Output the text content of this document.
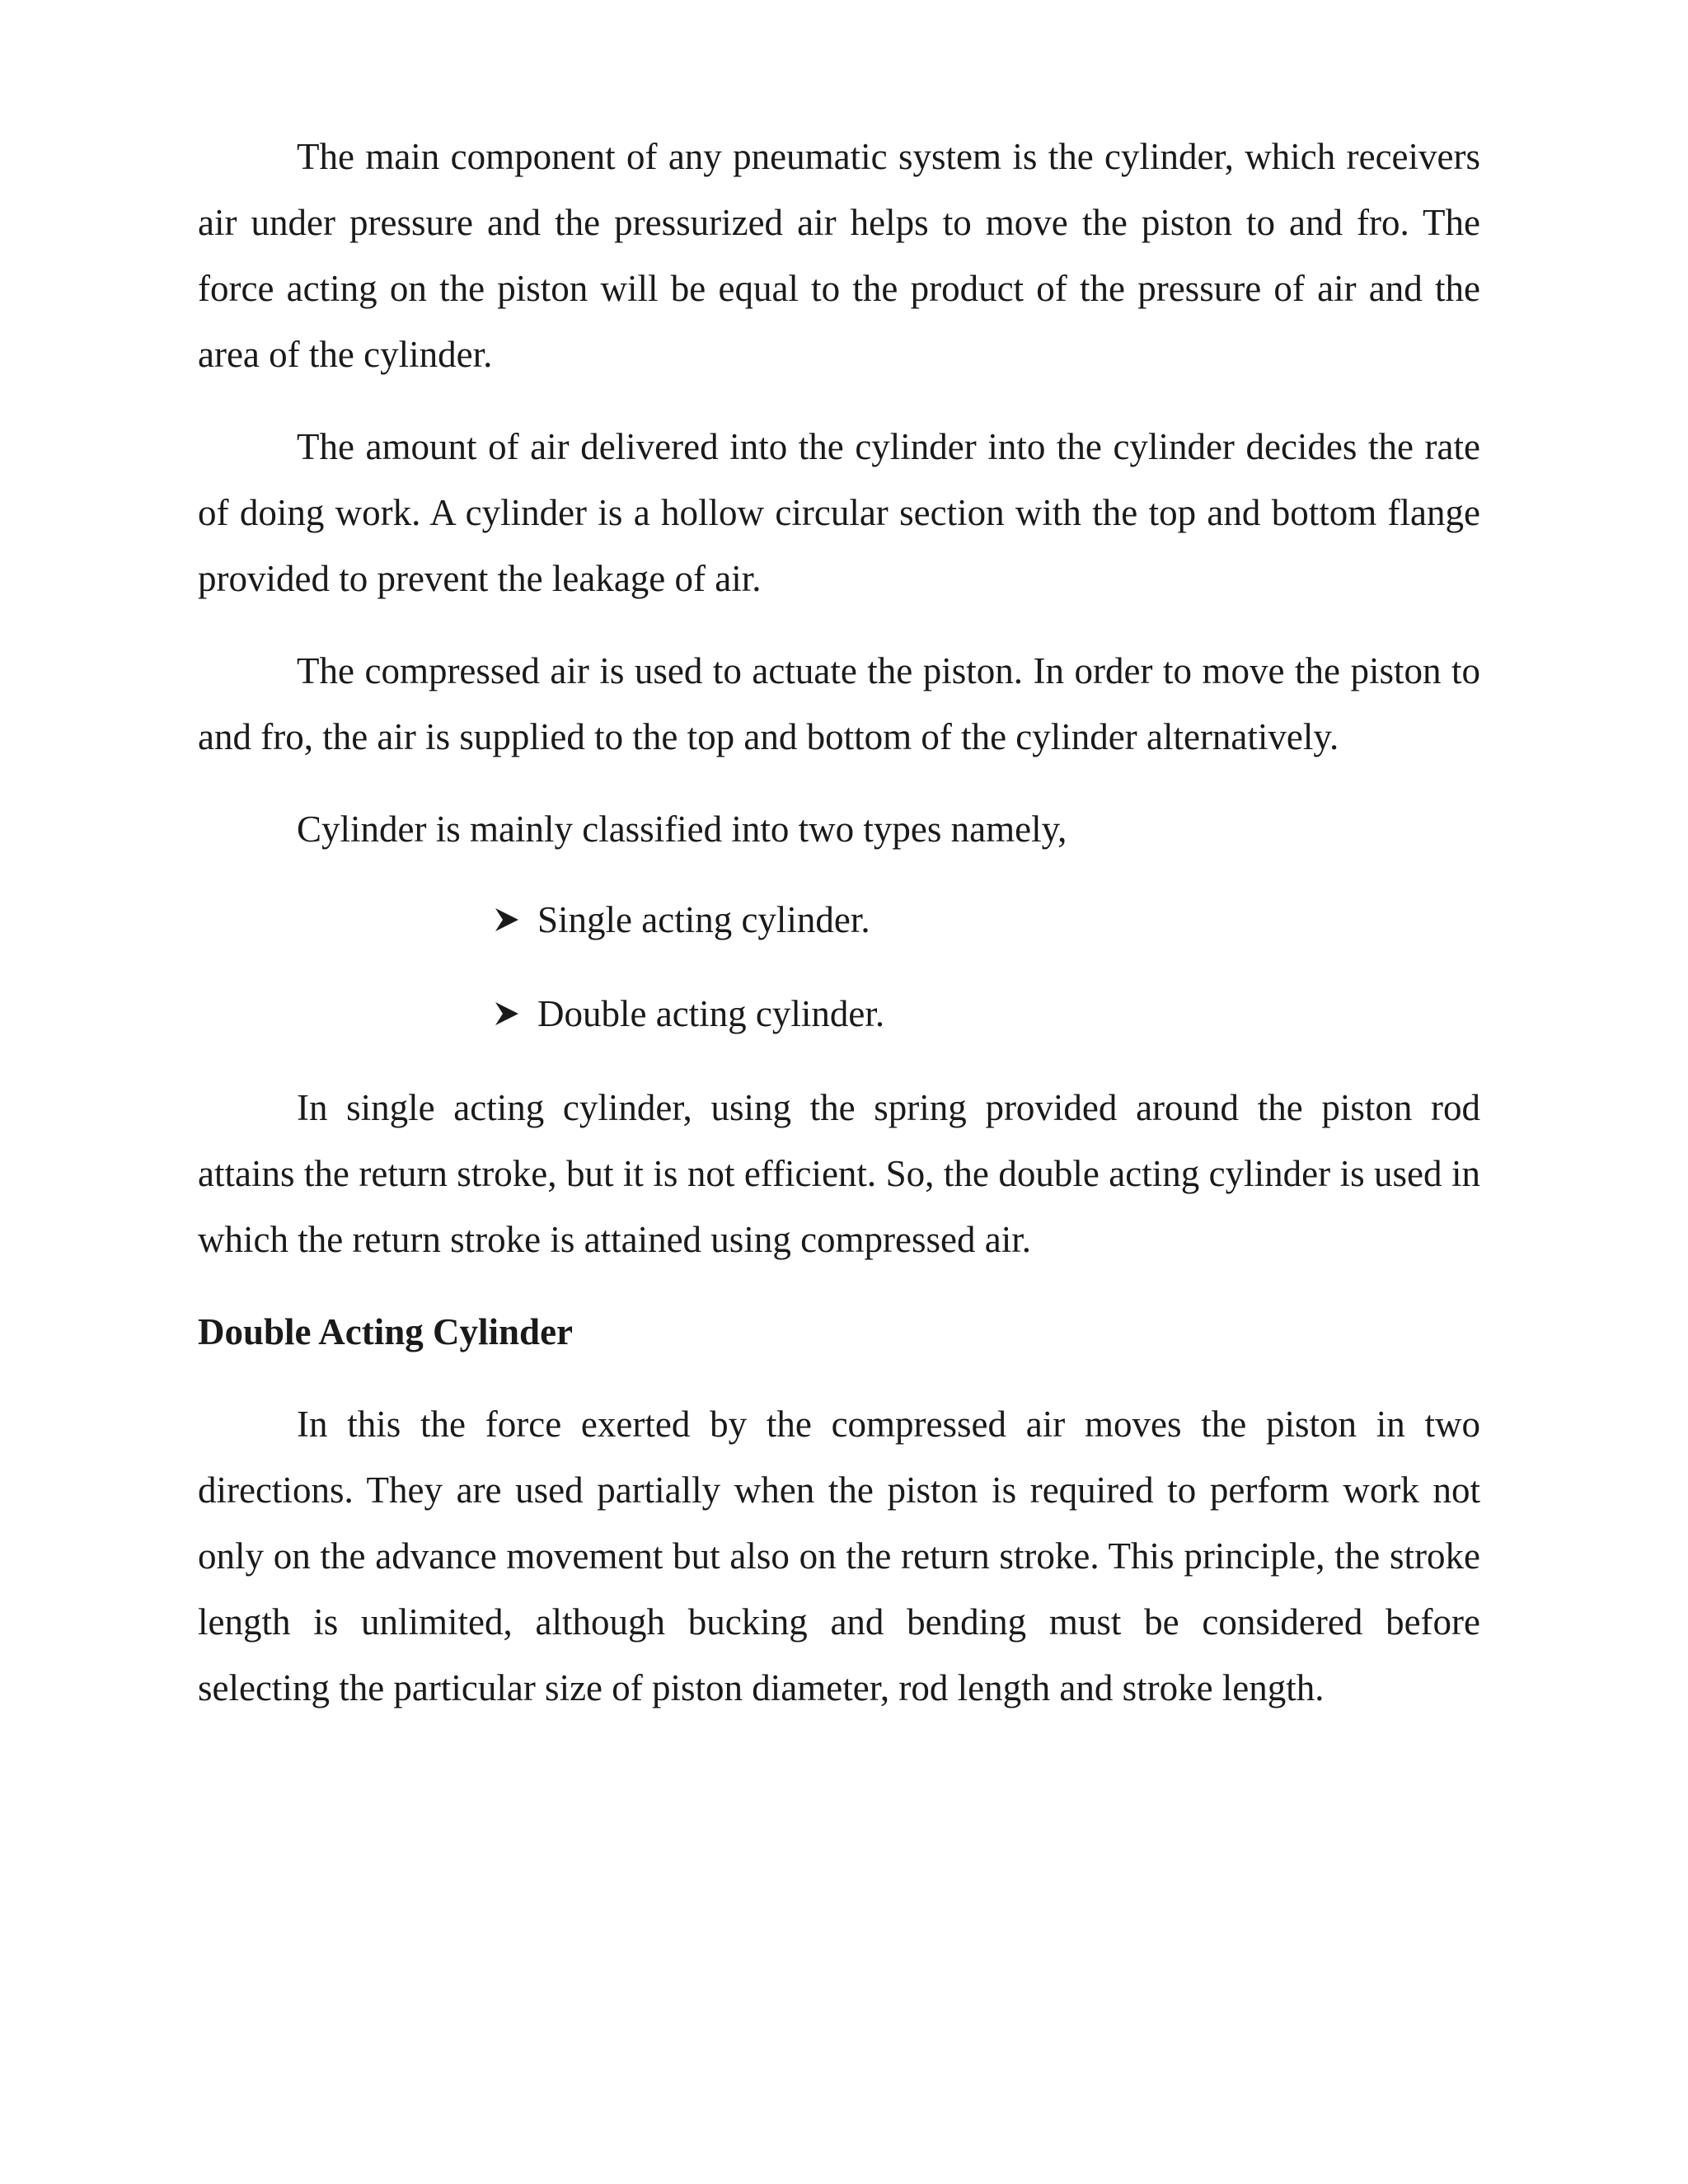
The main component of any pneumatic system is the cylinder, which receivers air under pressure and the pressurized air helps to move the piston to and fro. The force acting on the piston will be equal to the product of the pressure of air and the area of the cylinder.

The amount of air delivered into the cylinder into the cylinder decides the rate of doing work. A cylinder is a hollow circular section with the top and bottom flange provided to prevent the leakage of air.

The compressed air is used to actuate the piston. In order to move the piston to and fro, the air is supplied to the top and bottom of the cylinder alternatively.

Cylinder is mainly classified into two types namely,

Single acting cylinder.
Double acting cylinder.

In single acting cylinder, using the spring provided around the piston rod attains the return stroke, but it is not efficient. So, the double acting cylinder is used in which the return stroke is attained using compressed air.

Double Acting Cylinder

In this the force exerted by the compressed air moves the piston in two directions. They are used partially when the piston is required to perform work not only on the advance movement but also on the return stroke. This principle, the stroke length is unlimited, although bucking and bending must be considered before selecting the particular size of piston diameter, rod length and stroke length.
